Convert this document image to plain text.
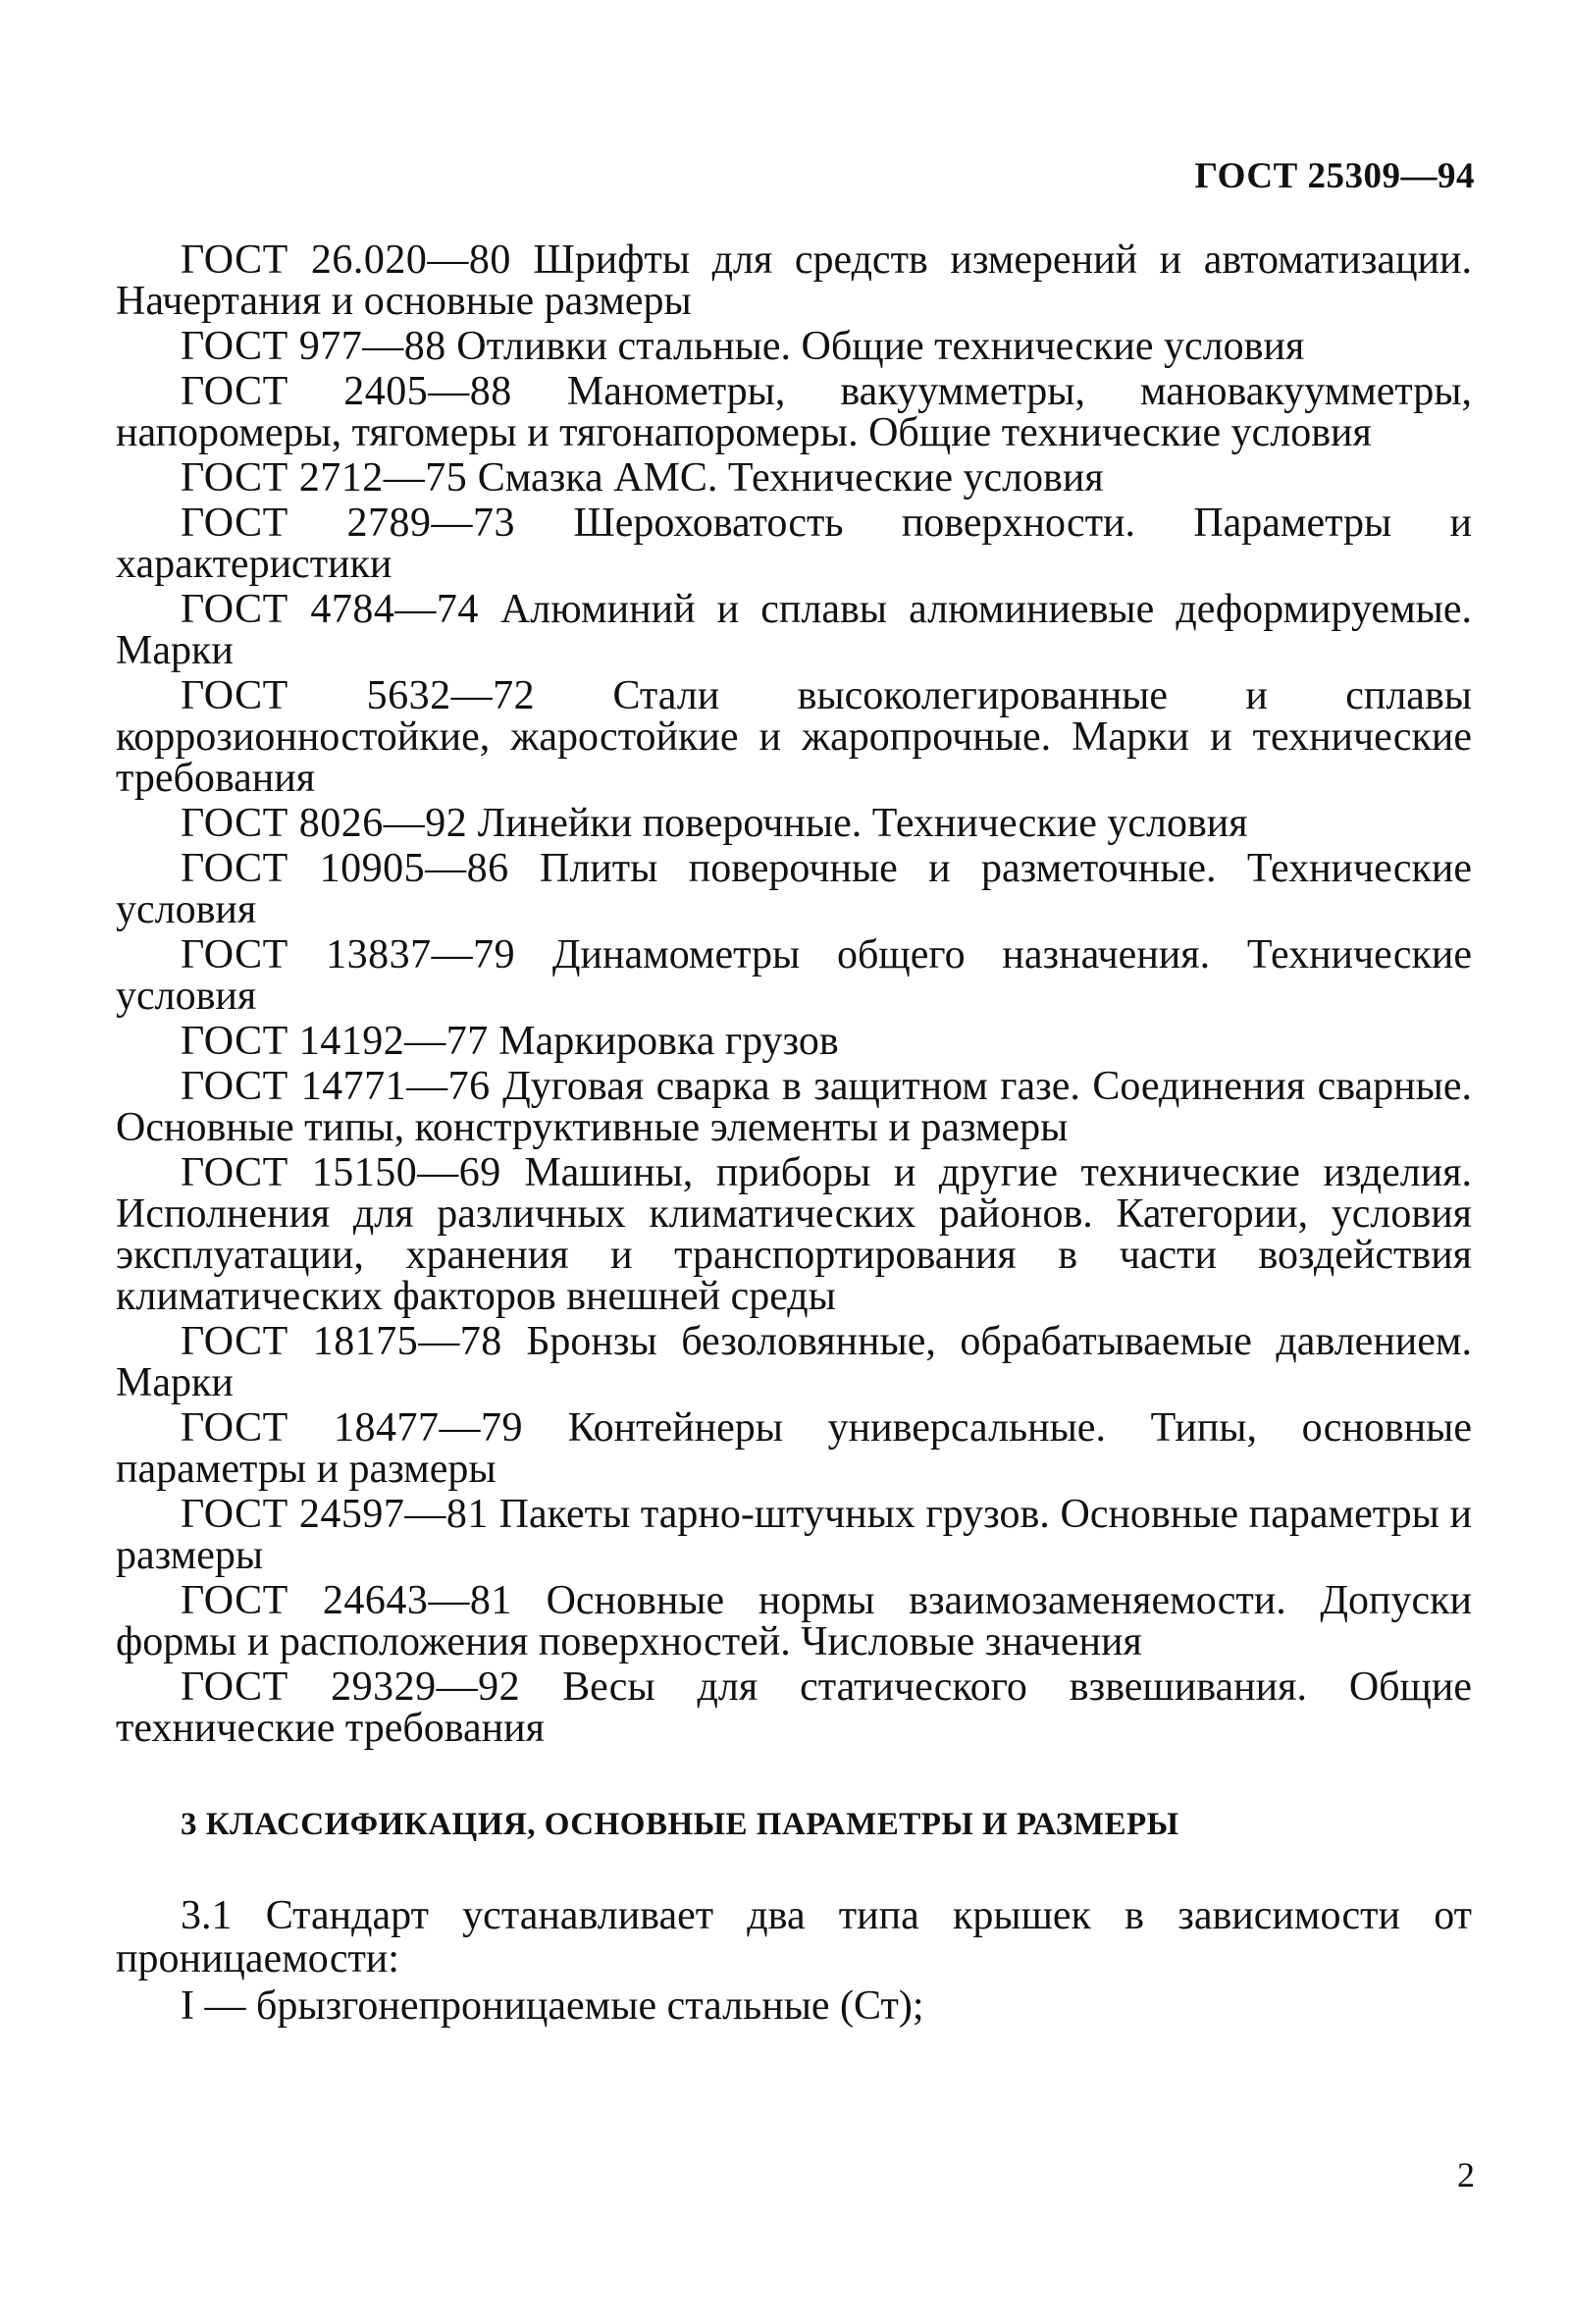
ГОСТ 25309—94

ГОСТ 26.020—80 Шрифты для средств измерений и автоматизации. Начертания и основные размеры

ГОСТ 977—88 Отливки стальные. Общие технические условия

ГОСТ 2405—88 Манометры, вакуумметры, мановакуумметры, напоромеры, тягомеры и тягонапоромеры. Общие технические условия

ГОСТ 2712—75 Смазка АМС. Технические условия

ГОСТ 2789—73 Шероховатость поверхности. Параметры и характеристики

ГОСТ 4784—74 Алюминий и сплавы алюминиевые деформируемые. Марки

ГОСТ 5632—72 Стали высоколегированные и сплавы коррозионностойкие, жаростойкие и жаропрочные. Марки и технические требования

ГОСТ 8026—92 Линейки поверочные. Технические условия

ГОСТ 10905—86 Плиты поверочные и разметочные. Технические условия

ГОСТ 13837—79 Динамометры общего назначения. Технические условия

ГОСТ 14192—77 Маркировка грузов

ГОСТ 14771—76 Дуговая сварка в защитном газе. Соединения сварные. Основные типы, конструктивные элементы и размеры

ГОСТ 15150—69 Машины, приборы и другие технические изделия. Исполнения для различных климатических районов. Категории, условия эксплуатации, хранения и транспортирования в части воздействия климатических факторов внешней среды

ГОСТ 18175—78 Бронзы безоловянные, обрабатываемые давлением. Марки

ГОСТ 18477—79 Контейнеры универсальные. Типы, основные параметры и размеры

ГОСТ 24597—81 Пакеты тарно-штучных грузов. Основные параметры и размеры

ГОСТ 24643—81 Основные нормы взаимозаменяемости. Допуски формы и расположения поверхностей. Числовые значения

ГОСТ 29329—92 Весы для статического взвешивания. Общие технические требования

3 КЛАССИФИКАЦИЯ, ОСНОВНЫЕ ПАРАМЕТРЫ И РАЗМЕРЫ

3.1 Стандарт устанавливает два типа крышек в зависимости от проницаемости:

I — брызгонепроницаемые стальные (Ст);

2
